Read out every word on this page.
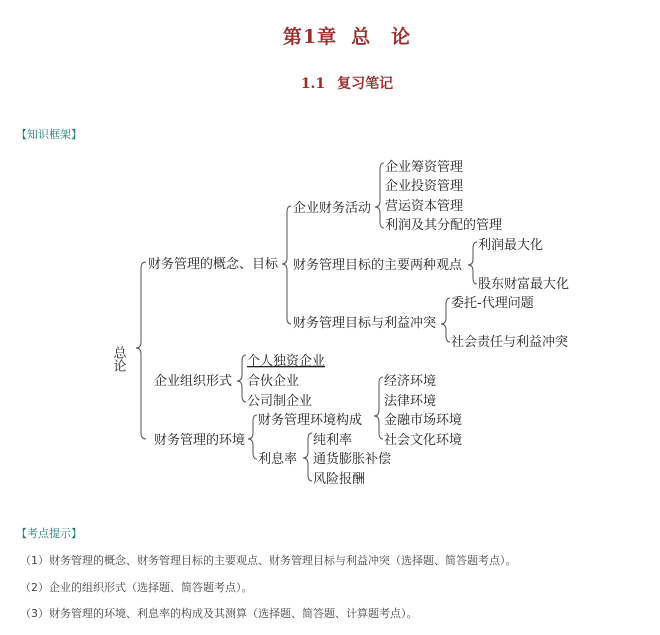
第1章 总　论
1.1 复习笔记
【知识框架】
总论
财务管理的概念、目标
企业组织形式
财务管理的环境
企业财务活动
财务管理目标的主要两种观点
财务管理目标与利益冲突
企业筹资管理
企业投资管理
营运资本管理
利润及其分配的管理
利润最大化
股东财富最大化
委托-代理问题
社会责任与利益冲突
个人独资企业
合伙企业
公司制企业
财务管理环境构成
利息率
经济环境
法律环境
金融市场环境
社会文化环境
纯利率
通货膨胀补偿
风险报酬
【考点提示】
（1）财务管理的概念、财务管理目标的主要观点、财务管理目标与利益冲突（选择题、简答题考点）。
（2）企业的组织形式（选择题、简答题考点）。
（3）财务管理的环境、利息率的构成及其测算（选择题、简答题、计算题考点）。
